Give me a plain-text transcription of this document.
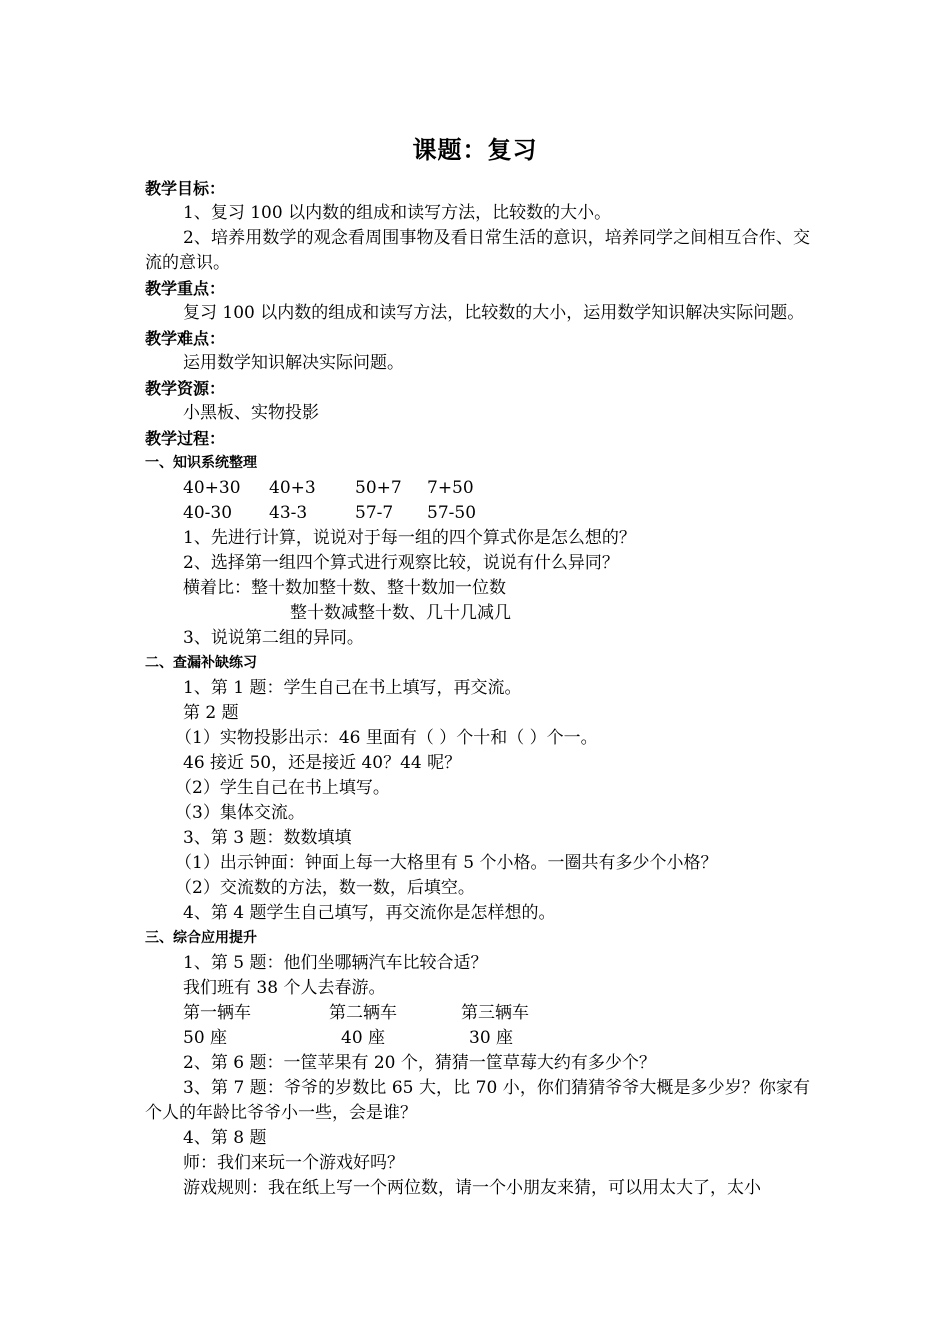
课题：复习
教学目标：
1、复习 100 以内数的组成和读写方法，比较数的大小。
2、培养用数学的观念看周围事物及看日常生活的意识，培养同学之间相互合作、交流的意识。
教学重点：
复习 100 以内数的组成和读写方法，比较数的大小，运用数学知识解决实际问题。
教学难点：
运用数学知识解决实际问题。
教学资源：
小黑板、实物投影
教学过程：
一、知识系统整理
40+30 40+3 50+7 7+50
40-30 43-3	57-7 57-50
1、先进行计算，说说对于每一组的四个算式你是怎么想的？
2、选择第一组四个算式进行观察比较，说说有什么异同？
横着比：整十数加整十数、整十数加一位数
整十数减整十数、几十几减几
3、说说第二组的异同。
二、查漏补缺练习
1、第 1 题：学生自己在书上填写，再交流。
第 2 题
（1）实物投影出示：46 里面有（ ）个十和（ ）个一。
46 接近 50，还是接近 40？44 呢？
（2）学生自己在书上填写。
（3）集体交流。
3、第 3 题：数数填填
（1）出示钟面：钟面上每一大格里有 5 个小格。一圈共有多少个小格？
（2）交流数的方法，数一数，后填空。
4、第 4 题学生自己填写，再交流你是怎样想的。
三、综合应用提升
1、第 5 题：他们坐哪辆汽车比较合适？
我们班有 38 个人去春游。
第一辆车	第二辆车	第三辆车
50 座	40 座	30 座
2、第 6 题：一筐苹果有 20 个，猜猜一筐草莓大约有多少个？
3、第 7 题：爷爷的岁数比 65 大，比 70 小，你们猜猜爷爷大概是多少岁？你家有个人的年龄比爷爷小一些，会是谁？
4、第 8 题
师：我们来玩一个游戏好吗？
游戏规则：我在纸上写一个两位数，请一个小朋友来猜，可以用太大了，太小
